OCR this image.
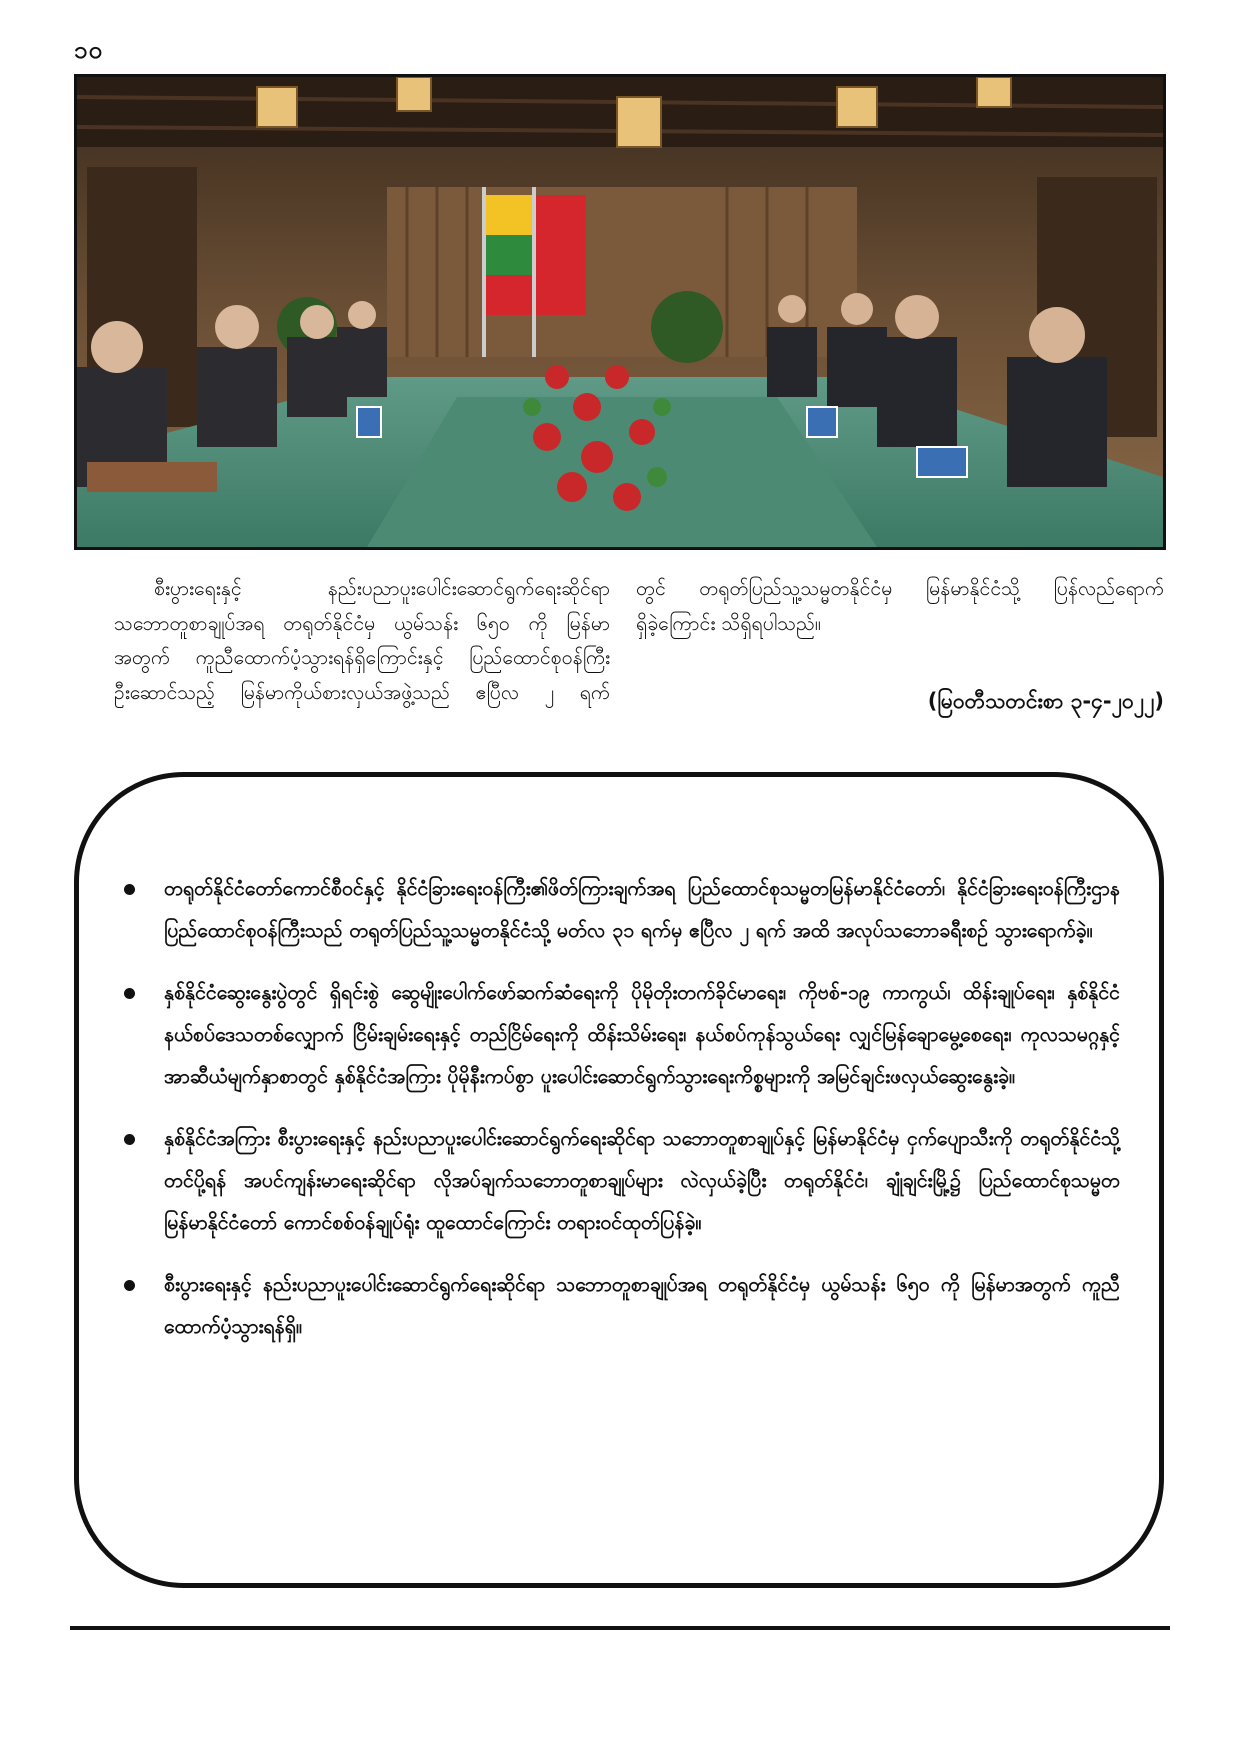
၁၀

စီးပွားရေးနှင့် နည်းပညာပူးပေါင်းဆောင်ရွက်ရေးဆိုင်ရာ

သဘောတူစာချုပ်အရ တရုတ်နိုင်ငံမှ ယွမ်သန်း ၆၅၀ ကို မြန်မာ

အတွက် ကူညီထောက်ပံ့သွားရန်ရှိကြောင်းနှင့် ပြည်ထောင်စုဝန်ကြီး

ဦးဆောင်သည့် မြန်မာကိုယ်စားလှယ်အဖွဲ့သည် ဧပြီလ ၂ ရက်

တွင် တရုတ်ပြည်သူ့သမ္မတနိုင်ငံမှ မြန်မာနိုင်ငံသို့ ပြန်လည်ရောက်

ရှိခဲ့ကြောင်း သိရှိရပါသည်။

(မြဝတီသတင်းစာ ၃-၄-၂၀၂၂)
တရုတ်နိုင်ငံတော်ကောင်စီဝင်နှင့် နိုင်ငံခြားရေးဝန်ကြီး၏ဖိတ်ကြားချက်အရ ပြည်ထောင်စုသမ္မတမြန်မာနိုင်ငံတော်၊ နိုင်ငံခြားရေးဝန်ကြီးဌာန ပြည်ထောင်စုဝန်ကြီးသည် တရုတ်ပြည်သူ့သမ္မတနိုင်ငံသို့ မတ်လ ၃၁ ရက်မှ ဧပြီလ ၂ ရက် အထိ အလုပ်သဘောခရီးစဉ် သွားရောက်ခဲ့။
နှစ်နိုင်ငံဆွေးနွေးပွဲတွင် ရှိရင်းစွဲ ဆွေမျိုးပေါက်ဖော်ဆက်ဆံရေးကို ပိုမိုတိုးတက်ခိုင်မာရေး၊ ကိုဗစ်-၁၉ ကာကွယ်၊ ထိန်းချုပ်ရေး၊ နှစ်နိုင်ငံနယ်စပ်ဒေသတစ်လျှောက် ငြိမ်းချမ်းရေးနှင့် တည်ငြိမ်ရေးကို ထိန်းသိမ်းရေး၊ နယ်စပ်ကုန်သွယ်ရေး လျှင်မြန်ချောမွေ့စေရေး၊ ကုလသမဂ္ဂနှင့် အာဆီယံမျက်နှာစာတွင် နှစ်နိုင်ငံအကြား ပိုမိုနီးကပ်စွာ ပူးပေါင်းဆောင်ရွက်သွားရေးကိစ္စများကို အမြင်ချင်းဖလှယ်ဆွေးနွေးခဲ့။
နှစ်နိုင်ငံအကြား စီးပွားရေးနှင့် နည်းပညာပူးပေါင်းဆောင်ရွက်ရေးဆိုင်ရာ သဘောတူစာချုပ်နှင့် မြန်မာနိုင်ငံမှ ငှက်ပျောသီးကို တရုတ်နိုင်ငံသို့တင်ပို့ရန် အပင်ကျန်းမာရေးဆိုင်ရာ လိုအပ်ချက်သဘောတူစာချုပ်များ လဲလှယ်ခဲ့ပြီး တရုတ်နိုင်ငံ၊ ချုံချင်းမြို့၌ ပြည်ထောင်စုသမ္မတမြန်မာနိုင်ငံတော် ကောင်စစ်ဝန်ချုပ်ရုံး ထူထောင်ကြောင်း တရားဝင်ထုတ်ပြန်ခဲ့။
စီးပွားရေးနှင့် နည်းပညာပူးပေါင်းဆောင်ရွက်ရေးဆိုင်ရာ သဘောတူစာချုပ်အရ တရုတ်နိုင်ငံမှ ယွမ်သန်း ၆၅၀ ကို မြန်မာအတွက် ကူညီထောက်ပံ့သွားရန်ရှိ။
